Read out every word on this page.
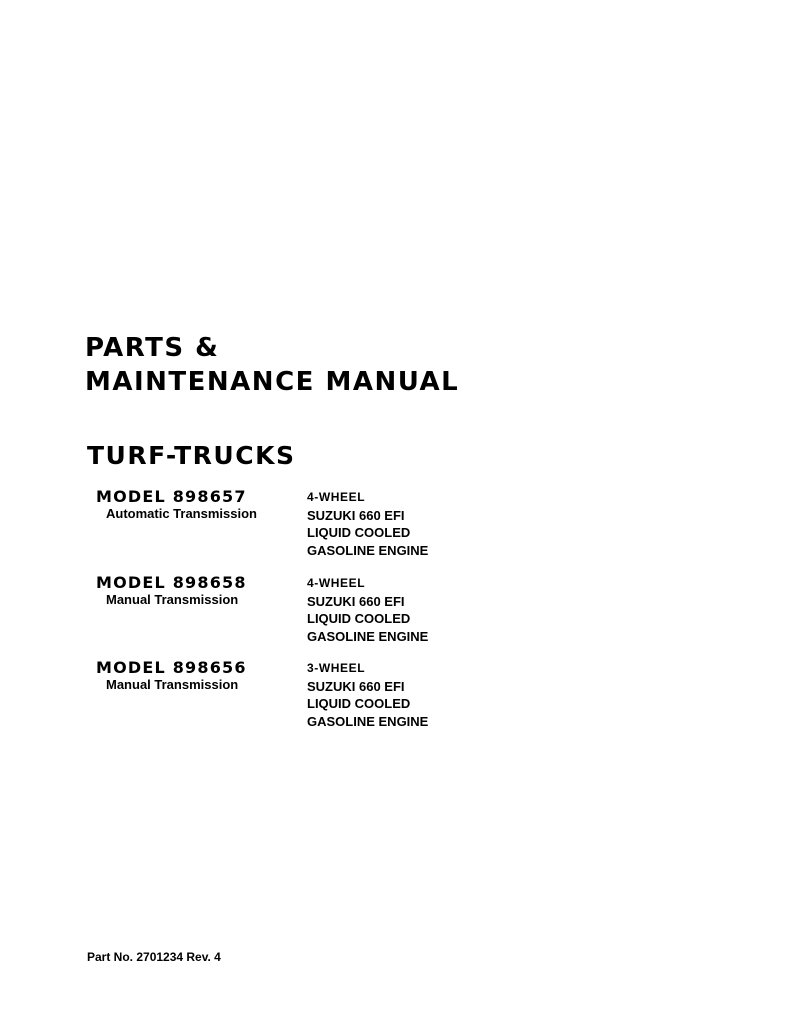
PARTS &
MAINTENANCE MANUAL
TURF-TRUCKS
MODEL 898657
Automatic Transmission
4-WHEEL
SUZUKI 660 EFI
LIQUID COOLED
GASOLINE ENGINE
MODEL 898658
Manual Transmission
4-WHEEL
SUZUKI 660 EFI
LIQUID COOLED
GASOLINE ENGINE
MODEL 898656
Manual Transmission
3-WHEEL
SUZUKI 660 EFI
LIQUID COOLED
GASOLINE ENGINE
Part No. 2701234 Rev. 4
